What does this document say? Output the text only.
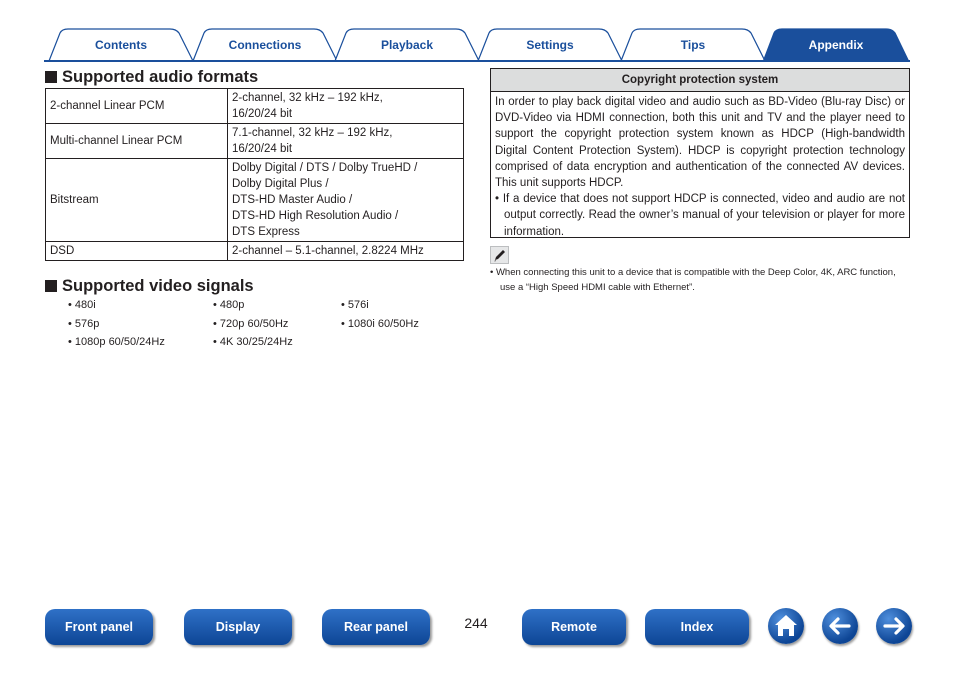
Contents	Connections	Playback	Settings	Tips	Appendix
Supported audio formats
2-channel Linear PCM	2-channel, 32 kHz – 192 kHz,
16/20/24 bit

Multi-channel Linear PCM	7.1-channel, 32 kHz – 192 kHz,
16/20/24 bit

Bitstream	Dolby Digital / DTS / Dolby TrueHD /
Dolby Digital Plus /
DTS-HD Master Audio /
DTS-HD High Resolution Audio /
DTS Express

DSD	2-channel – 5.1-channel, 2.8224 MHz
Supported video signals
• 480i	• 480p	• 576i
• 576p	• 720p 60/50Hz	• 1080i 60/50Hz
• 1080p 60/50/24Hz	• 4K 30/25/24Hz
Copyright protection system

In order to play back digital video and audio such as BD-Video (Blu-ray Disc) or DVD-Video via HDMI connection, both this unit and TV and the player need to support the copyright protection system known as HDCP (High-bandwidth Digital Content Protection System). HDCP is copyright protection technology comprised of data encryption and authentication of the connected AV devices. This unit supports HDCP.

• If a device that does not support HDCP is connected, video and audio are not output correctly. Read the owner’s manual of your television or player for more information.

• When connecting this unit to a device that is compatible with the Deep Color, 4K, ARC function, use a “High Speed HDMI cable with Ethernet”.

Front panel	Display	Rear panel	244	Remote	Index
